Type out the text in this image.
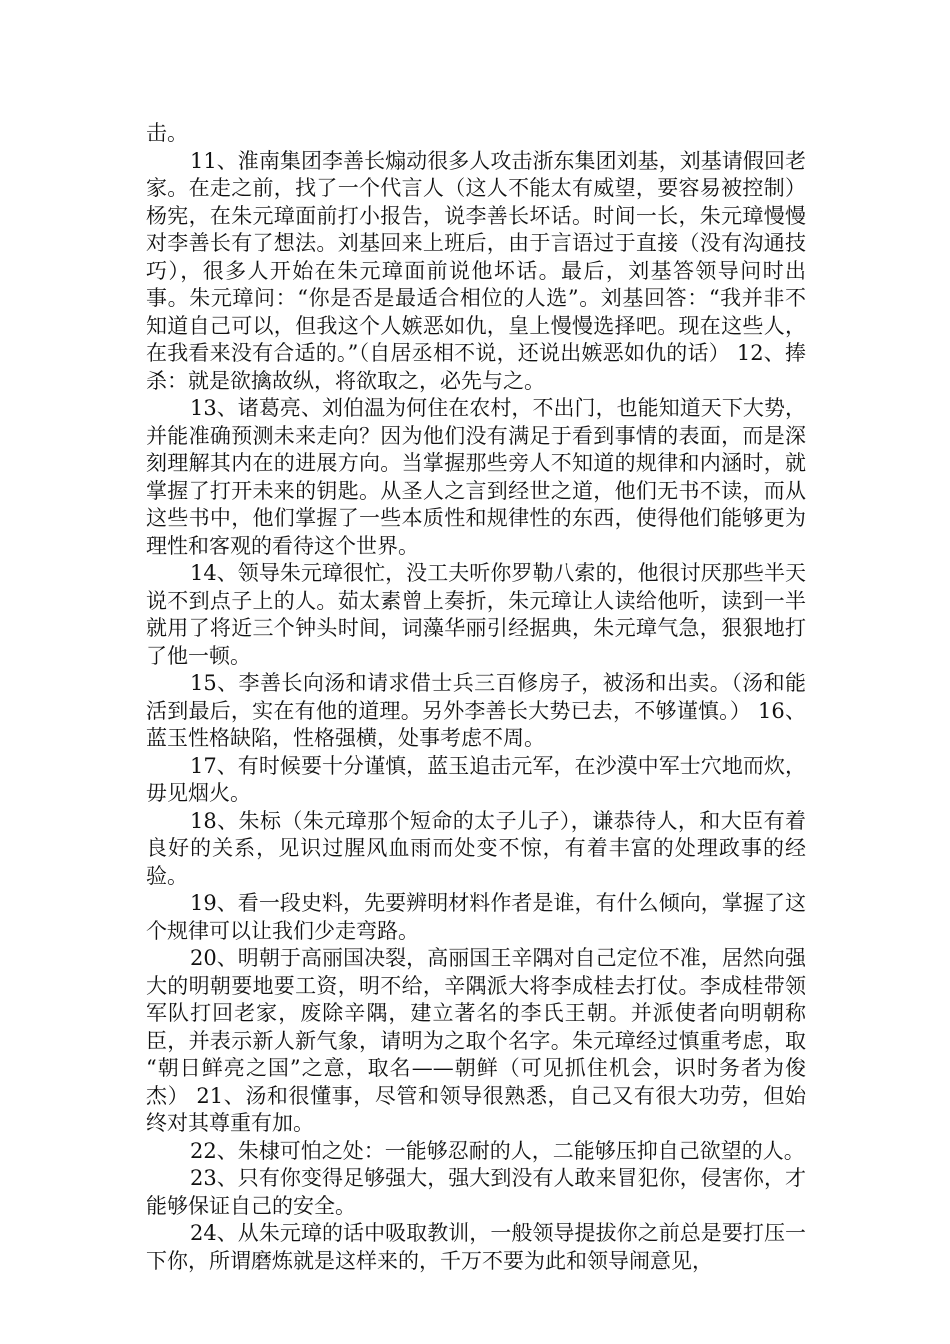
击。

11、淮南集团李善长煽动很多人攻击浙东集团刘基，刘基请假回老家。在走之前，找了一个代言人（这人不能太有威望，要容易被控制）杨宪，在朱元璋面前打小报告，说李善长坏话。时间一长，朱元璋慢慢对李善长有了想法。刘基回来上班后，由于言语过于直接（没有沟通技巧），很多人开始在朱元璋面前说他坏话。最后，刘基答领导问时出事。朱元璋问：“你是否是最适合相位的人选”。刘基回答：“我并非不知道自己可以，但我这个人嫉恶如仇，皇上慢慢选择吧。现在这些人，在我看来没有合适的。”（自居丞相不说，还说出嫉恶如仇的话） 12、捧杀：就是欲擒故纵，将欲取之，必先与之。

13、诸葛亮、刘伯温为何住在农村，不出门，也能知道天下大势，并能准确预测未来走向？因为他们没有满足于看到事情的表面，而是深刻理解其内在的进展方向。当掌握那些旁人不知道的规律和内涵时，就掌握了打开未来的钥匙。从圣人之言到经世之道，他们无书不读，而从这些书中，他们掌握了一些本质性和规律性的东西，使得他们能够更为理性和客观的看待这个世界。

14、领导朱元璋很忙，没工夫听你罗勒八索的，他很讨厌那些半天说不到点子上的人。茹太素曾上奏折，朱元璋让人读给他听，读到一半就用了将近三个钟头时间，词藻华丽引经据典，朱元璋气急，狠狠地打了他一顿。

15、李善长向汤和请求借士兵三百修房子，被汤和出卖。（汤和能活到最后，实在有他的道理。另外李善长大势已去，不够谨慎。） 16、蓝玉性格缺陷，性格强横，处事考虑不周。

17、有时候要十分谨慎，蓝玉追击元军，在沙漠中军士穴地而炊，毋见烟火。

18、朱标（朱元璋那个短命的太子儿子），谦恭待人，和大臣有着良好的关系，见识过腥风血雨而处变不惊，有着丰富的处理政事的经验。

19、看一段史料，先要辨明材料作者是谁，有什么倾向，掌握了这个规律可以让我们少走弯路。

20、明朝于高丽国决裂，高丽国王辛隅对自己定位不准，居然向强大的明朝要地要工资，明不给，辛隅派大将李成桂去打仗。李成桂带领军队打回老家，废除辛隅，建立著名的李氏王朝。并派使者向明朝称臣，并表示新人新气象，请明为之取个名字。朱元璋经过慎重考虑，取 “朝日鲜亮之国”之意，取名——朝鲜（可见抓住机会，识时务者为俊杰） 21、汤和很懂事，尽管和领导很熟悉，自己又有很大功劳，但始终对其尊重有加。

22、朱棣可怕之处：一能够忍耐的人，二能够压抑自己欲望的人。

23、只有你变得足够强大，强大到没有人敢来冒犯你，侵害你，才能够保证自己的安全。

24、从朱元璋的话中吸取教训，一般领导提拔你之前总是要打压一下你，所谓磨炼就是这样来的，千万不要为此和领导闹意见，
